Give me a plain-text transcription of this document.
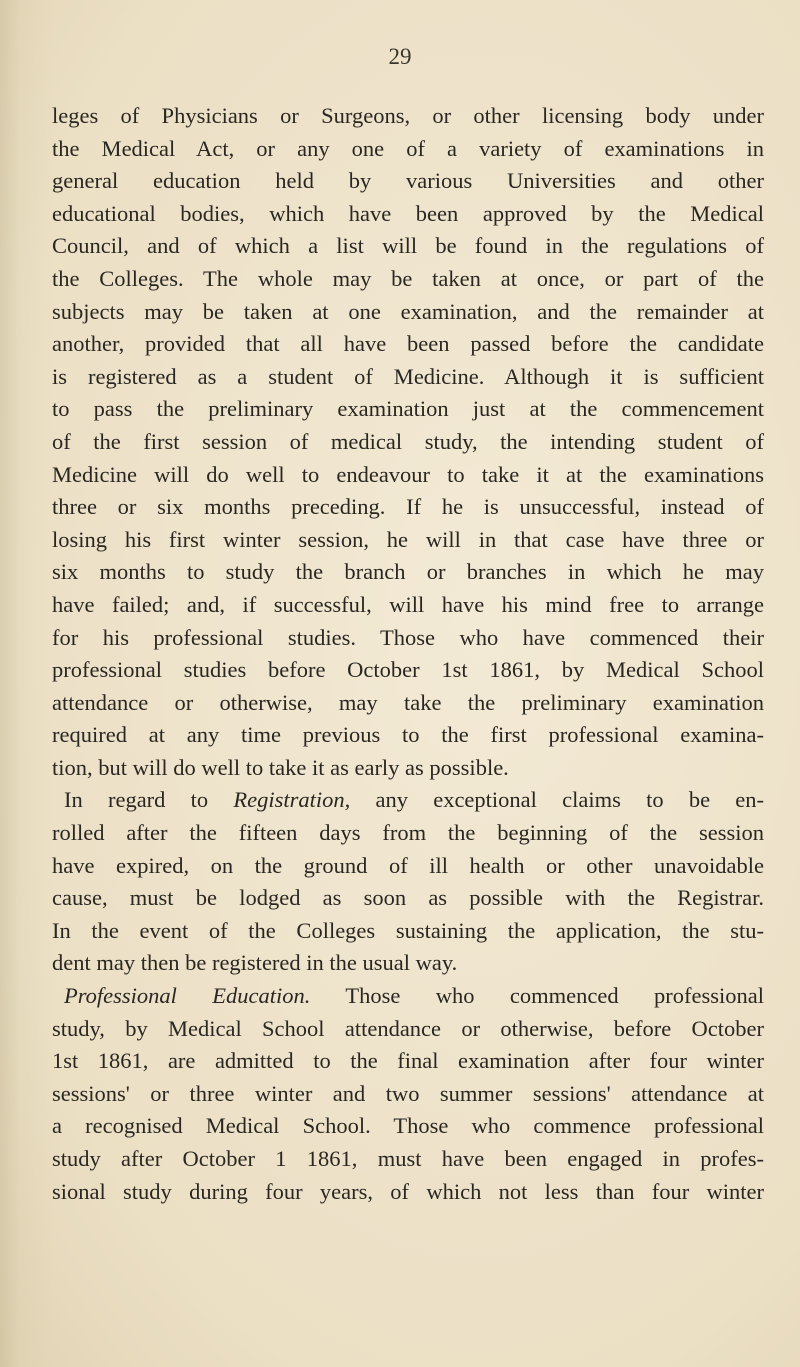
29
leges of Physicians or Surgeons, or other licensing body under
the Medical Act, or any one of a variety of examinations in
general education held by various Universities and other
educational bodies, which have been approved by the Medical
Council, and of which a list will be found in the regulations of
the Colleges. The whole may be taken at once, or part of the
subjects may be taken at one examination, and the remainder at
another, provided that all have been passed before the candidate
is registered as a student of Medicine. Although it is sufficient
to pass the preliminary examination just at the commencement
of the first session of medical study, the intending student of
Medicine will do well to endeavour to take it at the examinations
three or six months preceding. If he is unsuccessful, instead of
losing his first winter session, he will in that case have three or
six months to study the branch or branches in which he may
have failed; and, if successful, will have his mind free to arrange
for his professional studies. Those who have commenced their
professional studies before October 1st 1861, by Medical School
attendance or otherwise, may take the preliminary examination
required at any time previous to the first professional examina-
tion, but will do well to take it as early as possible.
In regard to Registration, any exceptional claims to be en-
rolled after the fifteen days from the beginning of the session
have expired, on the ground of ill health or other unavoidable
cause, must be lodged as soon as possible with the Registrar.
In the event of the Colleges sustaining the application, the stu-
dent may then be registered in the usual way.
Professional Education. Those who commenced professional
study, by Medical School attendance or otherwise, before October
1st 1861, are admitted to the final examination after four winter
sessions' or three winter and two summer sessions' attendance at
a recognised Medical School. Those who commence professional
study after October 1 1861, must have been engaged in profes-
sional study during four years, of which not less than four winter
